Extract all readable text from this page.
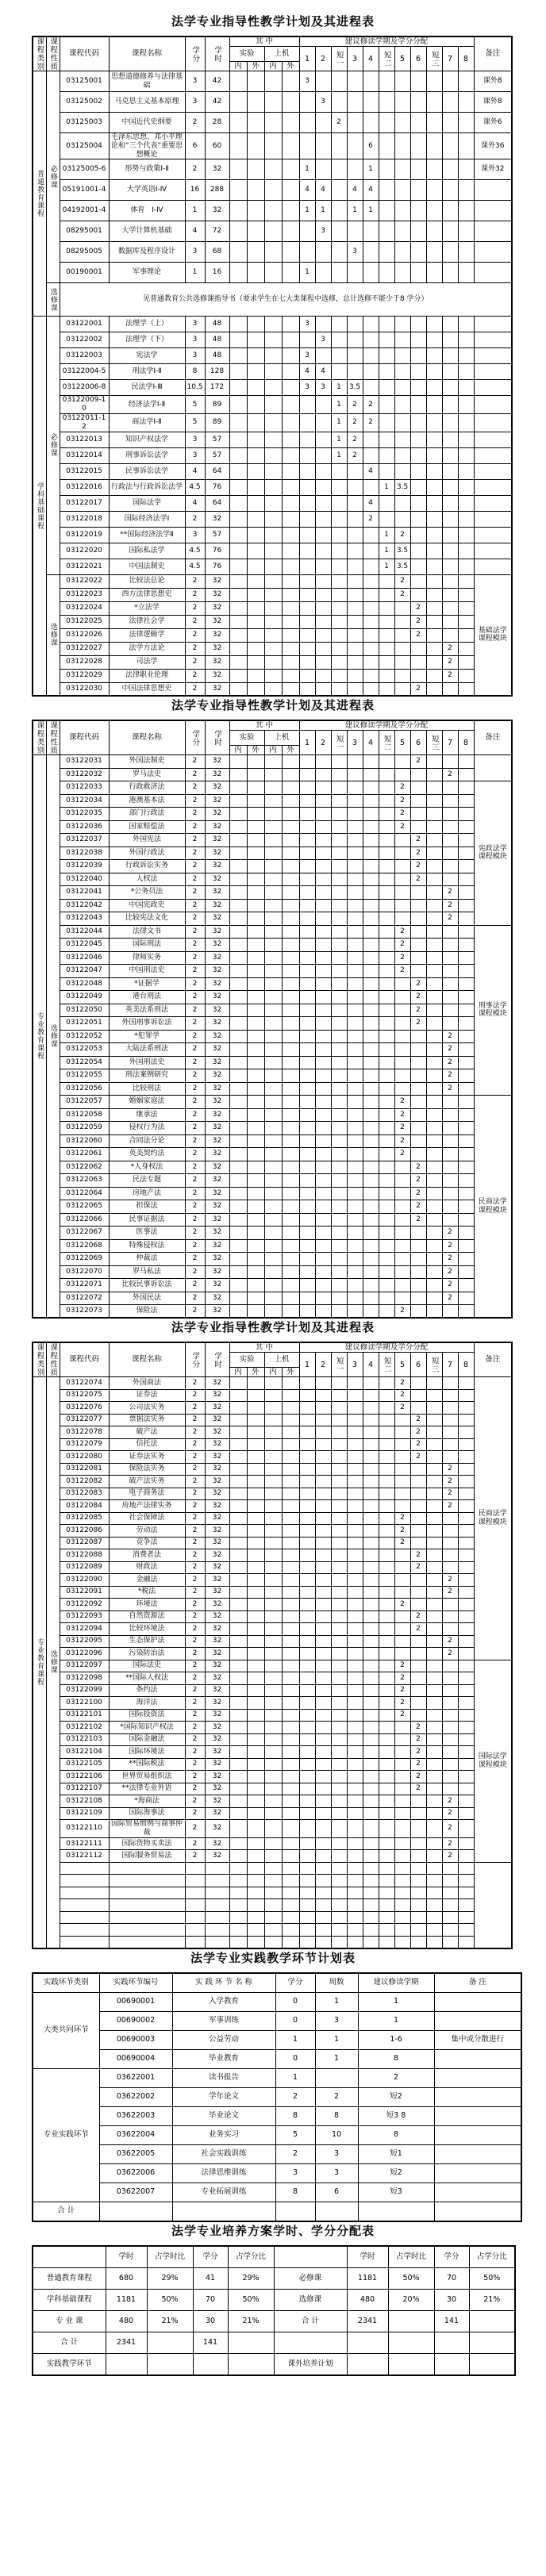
法学专业指导性教学计划及其进程表
课程类别	课程性质	课程代码	课程名称	学分	学时	其 中				建议修读学期及学分分配											备注
						实验		上机		1	2	短一	3	4	短二	5	6	短三	7	8	
						内	外	内	外												
普通教育课程	必修课	03125001	思想道德修养与法律基础	3	42					3											课外8
		03125002	马克思主义基本原理	3	42						3										课外8
		03125003	中国近代史纲要	2	28							2									课外6
		03125004	毛泽东思想、邓小平理论和“三个代表”重要思想概论	6	60									6							课外36
		03125005-6	形势与政策Ⅰ-Ⅱ	2	32					1				1							课外32
		05191001-4	大学英语Ⅰ-Ⅳ	16	288					4	4		4	4							
		04192001-4	体育　Ⅰ-Ⅳ	1	32					1	1		1	1							
		08295001	大学计算机基础	4	72						3										
		08295005	数据库及程序设计	3	68								3								
		00190001	军事理论	1	16					1											
	选修课	见普通教育公共选修课指导书（要求学生在七大类课程中选修，总计选修不能少于8 学分）																			
学科基础课程	必修课	03122001	法理学（上）	3	48					3											
		03122002	法理学（下）	3	48						3										
		03122003	宪法学	3	48					3											
		03122004-5	刑法学Ⅰ-Ⅱ	8	128					4	4										
		03122006-8	民法学Ⅰ-Ⅲ	10.5	172					3	3	1	3.5								
		03122009-10	经济法学Ⅰ-Ⅱ	5	89							1	2	2							
		03122011-12	商法学Ⅰ-Ⅱ	5	89							1	2	2							
		03122013	知识产权法学	3	57							1	2								
		03122014	刑事诉讼法学	3	57							1	2								
		03122015	民事诉讼法学	4	64									4							
		03122016	行政法与行政诉讼法学	4.5	76										1	3.5					
		03122017	国际法学	4	64									4							
		03122018	国际经济法学Ⅰ	2	32									2							
		03122019	**国际经济法学Ⅱ	3	57										1	2					
		03122020	国际私法学	4.5	76										1	3.5					
		03122021	中国法制史	4.5	76										1	3.5					
	选修课	03122022	比较法总论	2	32											2					基础法学课程模块
		03122023	西方法律思想史	2	32											2					
		03122024	*立法学	2	32												2				
		03122025	法律社会学	2	32												2				
		03122026	法律逻辑学	2	32												2				
		03122027	法学方法论	2	32														2		
		03122028	司法学	2	32														2		
		03122029	法律职业伦理	2	32														2		
		03122030	中国法律思想史	2	32												2				
法学专业指导性教学计划及其进程表
课程类别	课程性质	课程代码	课程名称	学分	学时	其 中				建议修读学期及学分分配											备注
						实验		上机		1	2	短一	3	4	短二	5	6	短三	7	8	
						内	外	内	外												
专业教育课程	选修课	03122031	外国法制史	2	32												2				
		03122032	罗马法史	2	32														2		
		03122033	行政救济法	2	32											2					宪政法学课程模块
		03122034	港澳基本法	2	32											2					
		03122035	部门行政法	2	32											2					
		03122036	国家赔偿法	2	32											2					
		03122037	外国宪法	2	32												2				
		03122038	外国行政法	2	32												2				
		03122039	行政诉讼实务	2	32												2				
		03122040	人权法	2	32												2				
		03122041	*公务员法	2	32														2		
		03122042	中国宪政史	2	32														2		
		03122043	比较宪法文化	2	32														2		
		03122044	法律文书	2	32											2					刑事法学课程模块
		03122045	国际刑法	2	32											2					
		03122046	律师实务	2	32											2					
		03122047	中国刑法史	2	32											2					
		03122048	*证据学	2	32												2				
		03122049	港台刑法	2	32												2				
		03122050	英美法系刑法	2	32												2				
		03122051	外国刑事诉讼法	2	32												2				
		03122052	*犯罪学	2	32														2		
		03122053	大陆法系刑法	2	32														2		
		03122054	外国刑法史	2	32														2		
		03122055	刑法案例研究	2	32														2		
		03122056	比较刑法	2	32														2		
		03122057	婚姻家庭法	2	32											2					民商法学课程模块
		03122058	继承法	2	32											2					
		03122059	侵权行为法	2	32											2					
		03122060	合同法分论	2	32											2					
		03122061	英美契约法	2	32											2					
		03122062	*人身权法	2	32												2				
		03122063	民法专题	2	32												2				
		03122064	房地产法	2	32												2				
		03122065	担保法	2	32												2				
		03122066	民事证据法	2	32												2				
		03122067	医事法	2	32														2		
		03122068	特殊侵权法	2	32														2		
		03122069	仲裁法	2	32														2		
		03122070	罗马私法	2	32														2		
		03122071	比较民事诉讼法	2	32														2		
		03122072	外国民法	2	32														2		
		03122073	保险法	2	32											2					
法学专业指导性教学计划及其进程表
课程类别	课程性质	课程代码	课程名称	学分	学时	其 中				建议修读学期及学分分配											备注
						实验		上机		1	2	短一	3	4	短二	5	6	短三	7	8	
						内	外	内	外												
专业教育课程	选修课	03122074	外国商法	2	32											2					民商法学课程模块
		03122075	证券法	2	32											2					
		03122076	公司法实务	2	32											2					
		03122077	票据法实务	2	32												2				
		03122078	破产法	2	32												2				
		03122079	信托法	2	32												2				
		03122080	证券法实务	2	32												2				
		03122081	保险法实务	2	32														2		
		03122082	破产法实务	2	32														2		
		03122083	电子商务法	2	32														2		
		03122084	房地产法律实务	2	32														2		
		03122085	社会保障法	2	32											2					
		03122086	劳动法	2	32											2					
		03122087	竞争法	2	32											2					
		03122088	消费者法	2	32												2				
		03122089	财政法	2	32												2				
		03122090	金融法	2	32														2		
		03122091	*税法	2	32														2		
		03122092	环境法	2	32											2					
		03122093	自然资源法	2	32												2				
		03122094	比较环境法	2	32												2				
		03122095	生态保护法	2	32														2		
		03122096	污染防治法	2	32														2		
		03122097	国际法史	2	32											2					国际法学课程模块
		03122098	**国际人权法	2	32											2					
		03122099	条约法	2	32											2					
		03122100	海洋法	2	32											2					
		03122101	国际投资法	2	32											2					
		03122102	*国际知识产权法	2	32												2				
		03122103	国际金融法	2	32												2				
		03122104	国际环境法	2	32												2				
		03122105	**国际税法	2	32												2				
		03122106	世界贸易组织法	2	32												2				
		03122107	**法律专业外语	2	32												2				
		03122108	*海商法	2	32														2		
		03122109	国际海事法	2	32														2		
		03122110	国际贸易惯例与商事仲裁	2	32														2		
		03122111	国际货物买卖法	2	32														2		
		03122112	国际服务贸易法	2	32														2		

法学专业实践教学环节计划表
实践环节类别	实践环节编号	实 践 环 节 名 称	学分	周数	建议修读学期	备 注
大类共同环节	00690001	入学教育	0	1	1	
	00690002	军事训练	0	3	1	
	00690003	公益劳动	1	1	1-6	集中或分散进行
	00690004	毕业教育	0	1	8	
专业实践环节	03622001	读书报告	1		2	
	03622002	学年论文	2	2	短2	
	03622003	毕业论文	8	8	短3 8	
	03622004	业务实习	5	10	8	
	03622005	社会实践训练	2	3	短1	
	03622006	法律思维训练	3	3	短2	
	03622007	专业拓展训练	8	6	短3	
合 计						
法学专业培养方案学时、学分分配表
	学时	占学时比	学分	占学分比		学时	占学时比	学分	占学分比
普通教育课程	680	29%	41	29%	必修课	1181	50%	70	50%
学科基础课程	1181	50%	70	50%	选修课	480	20%	30	21%
专 业 课	480	21%	30	21%	合 计	2341		141	
合 计	2341		141						
实践教学环节					课外培养计划				
